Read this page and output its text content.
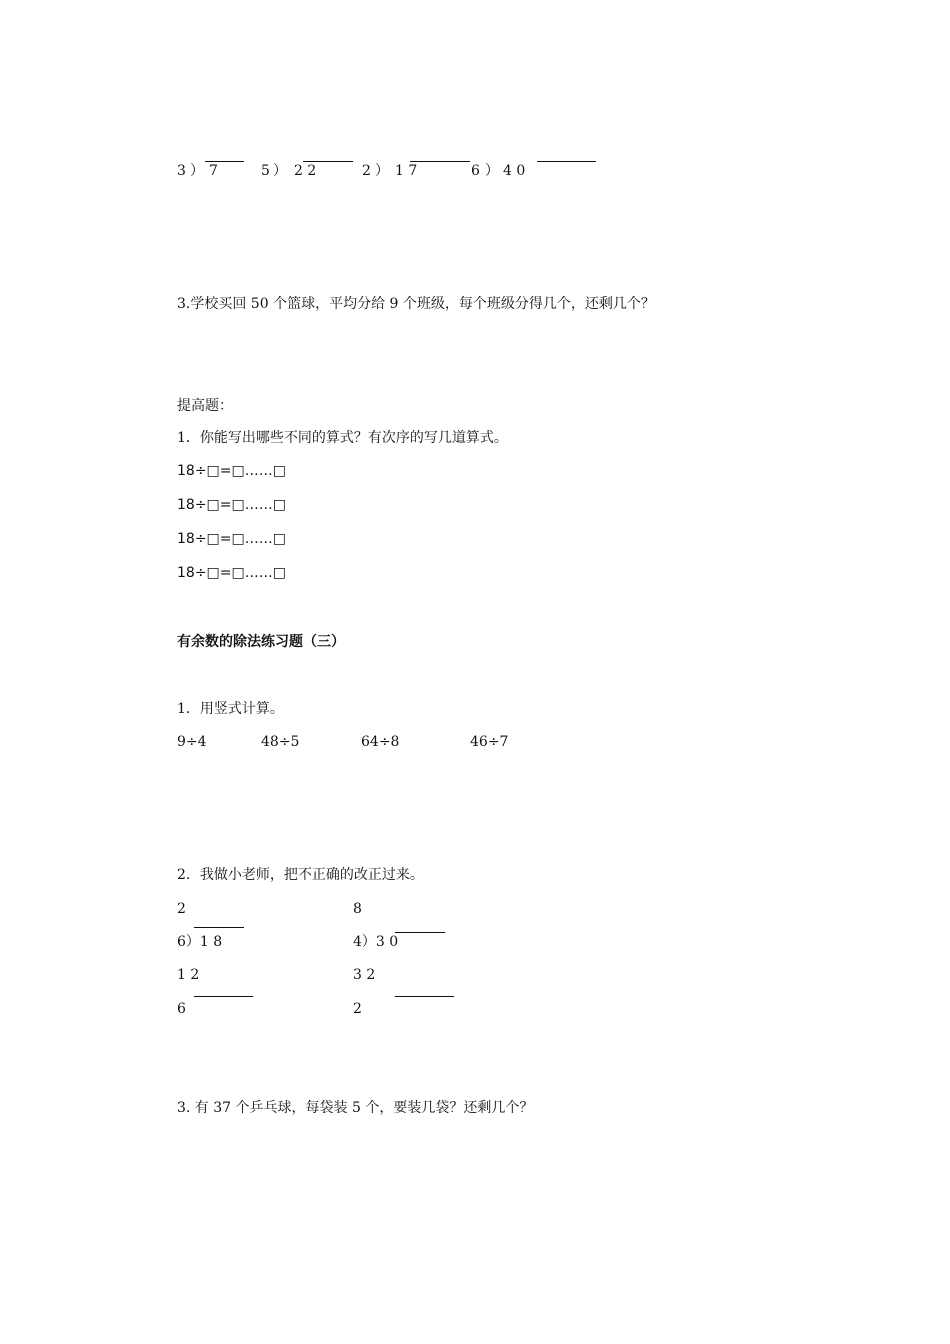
3 ） 7	5 ） 2 2	2 ） 1 7	6 ） 4 0
3.学校买回 50 个篮球，平均分给 9 个班级，每个班级分得几个，还剩几个？
提高题：
1．你能写出哪些不同的算式？有次序的写几道算式。
18÷□=□……□
18÷□=□……□
18÷□=□……□
18÷□=□……□
有余数的除法练习题（三）
1．用竖式计算。
9÷4	48÷5	64÷8	46÷7
2．我做小老师，把不正确的改正过来。
2
6）1 8
1 2
6
8
4）3 0
3 2
2
3. 有 37 个乒乓球，每袋装 5 个，要装几袋？还剩几个？
